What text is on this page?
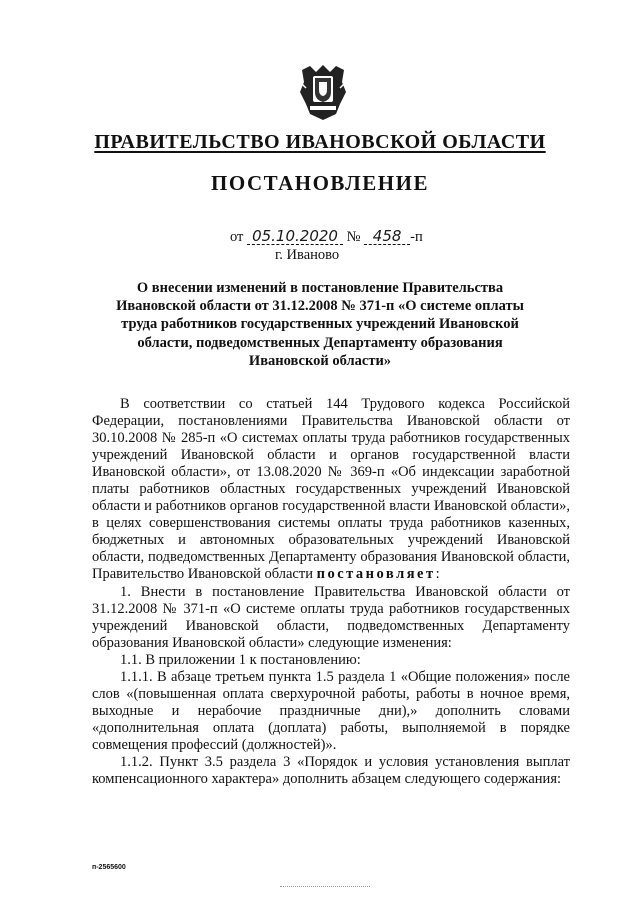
ПРАВИТЕЛЬСТВО ИВАНОВСКОЙ ОБЛАСТИ
ПОСТАНОВЛЕНИЕ
от 05.10.2020 № 458 -п
г. Иваново
О внесении изменений в постановление Правительства Ивановской области от 31.12.2008 № 371-п «О системе оплаты труда работников государственных учреждений Ивановской области, подведомственных Департаменту образования Ивановской области»

В соответствии со статьей 144 Трудового кодекса Российской Федерации, постановлениями Правительства Ивановской области от 30.10.2008 № 285-п «О системах оплаты труда работников государственных учреждений Ивановской области и органов государственной власти Ивановской области», от 13.08.2020 № 369-п «Об индексации заработной платы работников областных государственных учреждений Ивановской области и работников органов государственной власти Ивановской области», в целях совершенствования системы оплаты труда работников казенных, бюджетных и автономных образовательных учреждений Ивановской области, подведомственных Департаменту образования Ивановской области, Правительство Ивановской области постановляет:

1. Внести в постановление Правительства Ивановской области от 31.12.2008 № 371-п «О системе оплаты труда работников государственных учреждений Ивановской области, подведомственных Департаменту образования Ивановской области» следующие изменения:

1.1. В приложении 1 к постановлению:

1.1.1. В абзаце третьем пункта 1.5 раздела 1 «Общие положения» после слов «(повышенная оплата сверхурочной работы, работы в ночное время, выходные и нерабочие праздничные дни),» дополнить словами «дополнительная оплата (доплата) работы, выполняемой в порядке совмещения профессий (должностей)».

1.1.2. Пункт 3.5 раздела 3 «Порядок и условия установления выплат компенсационного характера» дополнить абзацем следующего содержания:

п-2565600
